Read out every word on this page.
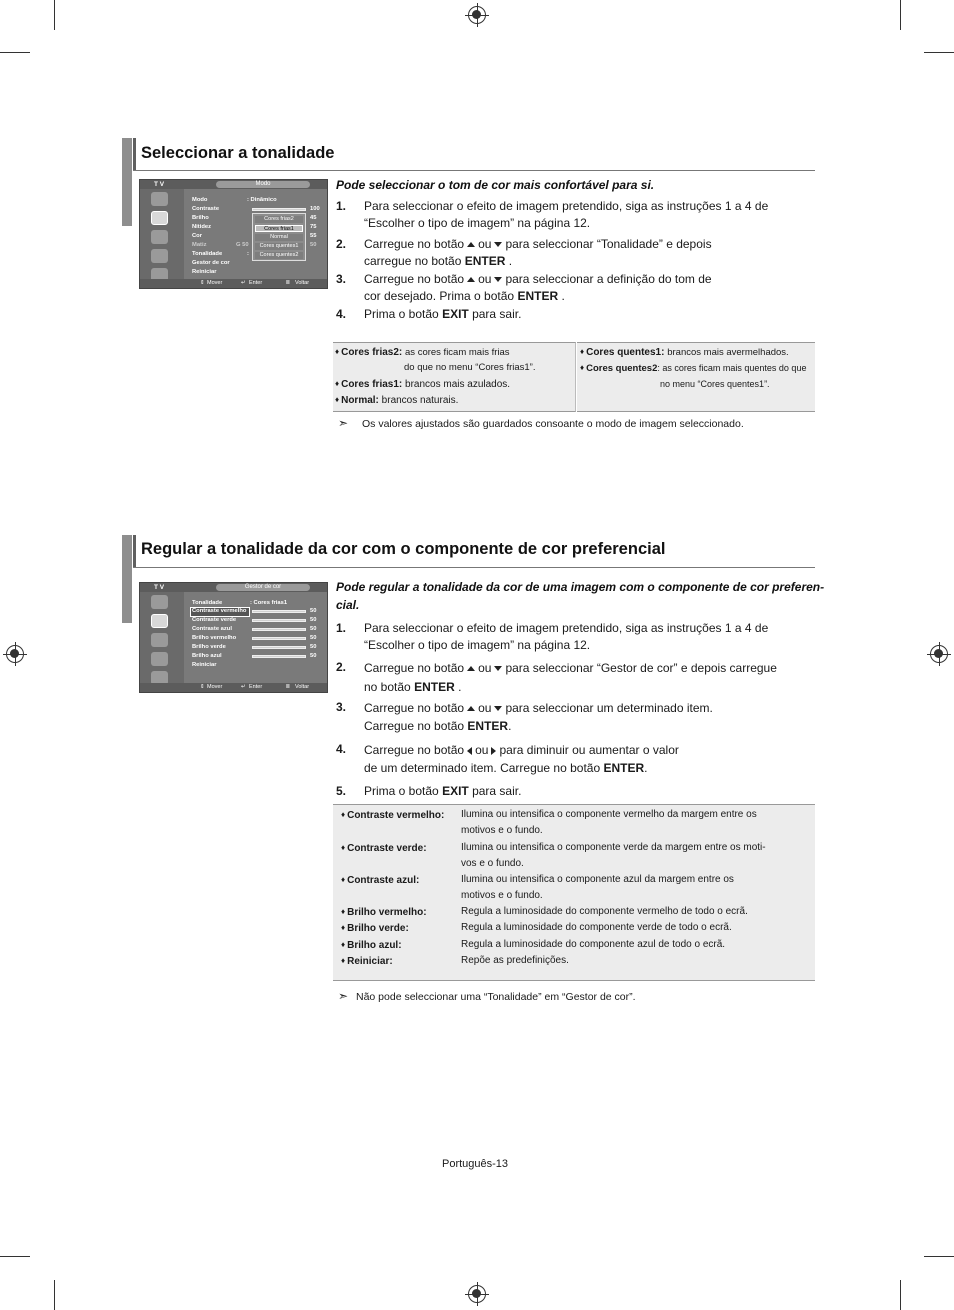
Seleccionar a tonalidade
T V	Modo
Modo	: Dinâmico
Contraste	100
Brilho	45
Nitidez	75
Cor	55
Matiz	G 50	50
Tonalidade	:
Gestor de cor
Reiniciar
Cores frias2
Cores frias1
Normal
Cores quentes1
Cores quentes2
⇕ Mover	↵ Enter	Ⅲ Voltar
Pode seleccionar o tom de cor mais confortável para si.
1. Para seleccionar o efeito de imagem pretendido, siga as instruções 1 a 4 de
“Escolher o tipo de imagem” na página 12.
2. Carregue no botão ou para seleccionar “Tonalidade” e depois
carregue no botão ENTER .
3. Carregue no botão ou para seleccionar a definição do tom de
cor desejado. Prima o botão ENTER .
4. Prima o botão EXIT para sair.
♦ Cores frias2: as cores ficam mais frias
do que no menu “Cores frias1”.
♦ Cores frias1: brancos mais azulados.
♦ Normal: brancos naturais.
♦ Cores quentes1: brancos mais avermelhados.
♦ Cores quentes2: as cores ficam mais quentes do que
no menu “Cores quentes1”.
➣ Os valores ajustados são guardados consoante o modo de imagem seleccionado.
Regular a tonalidade da cor com o componente de cor preferencial
T V	Gestor de cor
Tonalidade	: Cores frias1
Contraste vermelho	50
Contraste verde	50
Contraste azul	50
Brilho vermelho	50
Brilho verde	50
Brilho azul	50
Reiniciar
⇕ Mover	↵ Enter	Ⅲ Voltar
Pode regular a tonalidade da cor de uma imagem com o componente de cor preferen-
cial.
1. Para seleccionar o efeito de imagem pretendido, siga as instruções 1 a 4 de
“Escolher o tipo de imagem” na página 12.
2. Carregue no botão ou para seleccionar “Gestor de cor” e depois carregue
no botão ENTER .
3. Carregue no botão ou para seleccionar um determinado item.
Carregue no botão ENTER.
4. Carregue no botão ou para diminuir ou aumentar o valor
de um determinado item. Carregue no botão ENTER.
5. Prima o botão EXIT para sair.
♦ Contraste vermelho: Ilumina ou intensifica o componente vermelho da margem entre os
motivos e o fundo.
♦ Contraste verde:	Ilumina ou intensifica o componente verde da margem entre os moti-
vos e o fundo.
♦ Contraste azul:	Ilumina ou intensifica o componente azul da margem entre os
motivos e o fundo.
♦ Brilho vermelho:	Regula a luminosidade do componente vermelho de todo o ecrã.
♦ Brilho verde:	Regula a luminosidade do componente verde de todo o ecrã.
♦ Brilho azul:	Regula a luminosidade do componente azul de todo o ecrã.
♦ Reiniciar:	Repõe as predefinições.
➣ Não pode seleccionar uma “Tonalidade” em “Gestor de cor”.
Português-13
